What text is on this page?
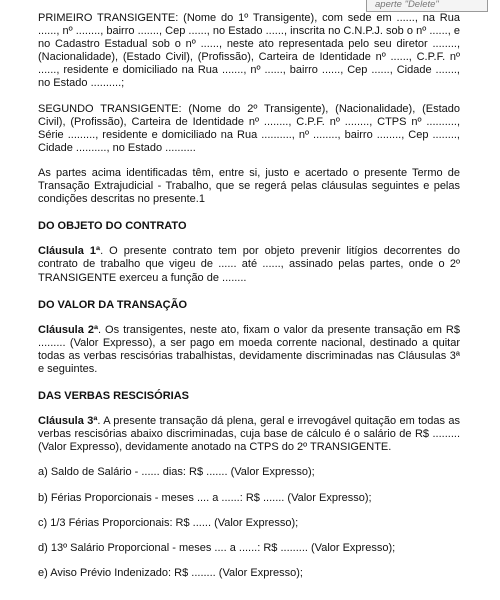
aperte "Delete"

PRIMEIRO TRANSIGENTE: (Nome do 1º Transigente), com sede em ......, na Rua ......, nº ........, bairro ......., Cep ......, no Estado ......, inscrita no C.N.P.J. sob o nº ......, e no Cadastro Estadual sob o nº ......, neste ato representada pelo seu diretor ........, (Nacionalidade), (Estado Civil), (Profissão), Carteira de Identidade nº ......, C.P.F. nº ......, residente e domiciliado na Rua ......., nº ......, bairro ......, Cep ......, Cidade ......., no Estado ..........;

SEGUNDO TRANSIGENTE: (Nome do 2º Transigente), (Nacionalidade), (Estado Civil), (Profissão), Carteira de Identidade nº ........, C.P.F. nº ........, CTPS nº .........., Série ........., residente e domiciliado na Rua .........., nº ........, bairro ........, Cep ........, Cidade .........., no Estado ..........

As partes acima identificadas têm, entre si, justo e acertado o presente Termo de Transação Extrajudicial - Trabalho, que se regerá pelas cláusulas seguintes e pelas condições descritas no presente.1

DO OBJETO DO CONTRATO

Cláusula 1ª. O presente contrato tem por objeto prevenir litígios decorrentes do contrato de trabalho que vigeu de ...... até ......, assinado pelas partes, onde o 2º TRANSIGENTE exerceu a função de ........

DO VALOR DA TRANSAÇÃO

Cláusula 2ª. Os transigentes, neste ato, fixam o valor da presente transação em R$ ......... (Valor Expresso), a ser pago em moeda corrente nacional, destinado a quitar todas as verbas rescisórias trabalhistas, devidamente discriminadas nas Cláusulas 3ª e seguintes.

DAS VERBAS RESCISÓRIAS

Cláusula 3ª. A presente transação dá plena, geral e irrevogável quitação em todas as verbas rescisórias abaixo discriminadas, cuja base de cálculo é o salário de R$ ......... (Valor Expresso), devidamente anotado na CTPS do 2º TRANSIGENTE.

a) Saldo de Salário - ...... dias: R$ ....... (Valor Expresso);

b) Férias Proporcionais - meses .... a ......: R$ ....... (Valor Expresso);

c) 1/3 Férias Proporcionais: R$ ...... (Valor Expresso);

d) 13º Salário Proporcional - meses .... a ......: R$ ......... (Valor Expresso);

e) Aviso Prévio Indenizado: R$ ........ (Valor Expresso);
